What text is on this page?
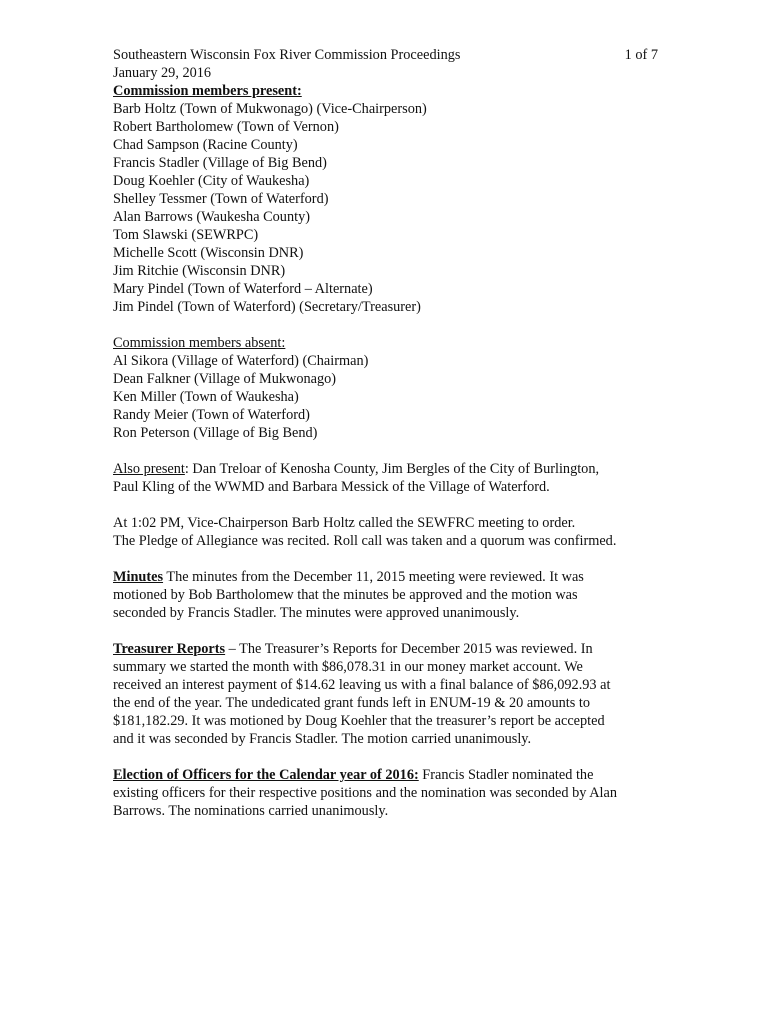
Southeastern Wisconsin Fox River Commission Proceedings	1 of 7
January 29, 2016
Commission members present:
Barb Holtz (Town of Mukwonago) (Vice-Chairperson)
Robert Bartholomew (Town of Vernon)
Chad Sampson (Racine County)
Francis Stadler (Village of Big Bend)
Doug Koehler (City of Waukesha)
Shelley Tessmer (Town of Waterford)
Alan Barrows (Waukesha County)
Tom Slawski (SEWRPC)
Michelle Scott (Wisconsin DNR)
Jim Ritchie (Wisconsin DNR)
Mary Pindel (Town of Waterford – Alternate)
Jim Pindel (Town of Waterford) (Secretary/Treasurer)
Commission members absent:
Al Sikora (Village of Waterford) (Chairman)
Dean Falkner (Village of Mukwonago)
Ken Miller (Town of Waukesha)
Randy Meier (Town of Waterford)
Ron Peterson (Village of Big Bend)
Also present: Dan Treloar of Kenosha County, Jim Bergles of the City of Burlington,
Paul Kling of the WWMD and Barbara Messick of the Village of Waterford.
At 1:02 PM, Vice-Chairperson Barb Holtz called the SEWFRC meeting to order.
The Pledge of Allegiance was recited. Roll call was taken and a quorum was confirmed.
Minutes The minutes from the December 11, 2015 meeting were reviewed. It was
motioned by Bob Bartholomew that the minutes be approved and the motion was
seconded by Francis Stadler. The minutes were approved unanimously.
Treasurer Reports – The Treasurer’s Reports for December 2015 was reviewed. In
summary we started the month with $86,078.31 in our money market account. We
received an interest payment of $14.62 leaving us with a final balance of $86,092.93 at
the end of the year. The undedicated grant funds left in ENUM-19 & 20 amounts to
$181,182.29. It was motioned by Doug Koehler that the treasurer’s report be accepted
and it was seconded by Francis Stadler. The motion carried unanimously.
Election of Officers for the Calendar year of 2016: Francis Stadler nominated the
existing officers for their respective positions and the nomination was seconded by Alan
Barrows. The nominations carried unanimously.
